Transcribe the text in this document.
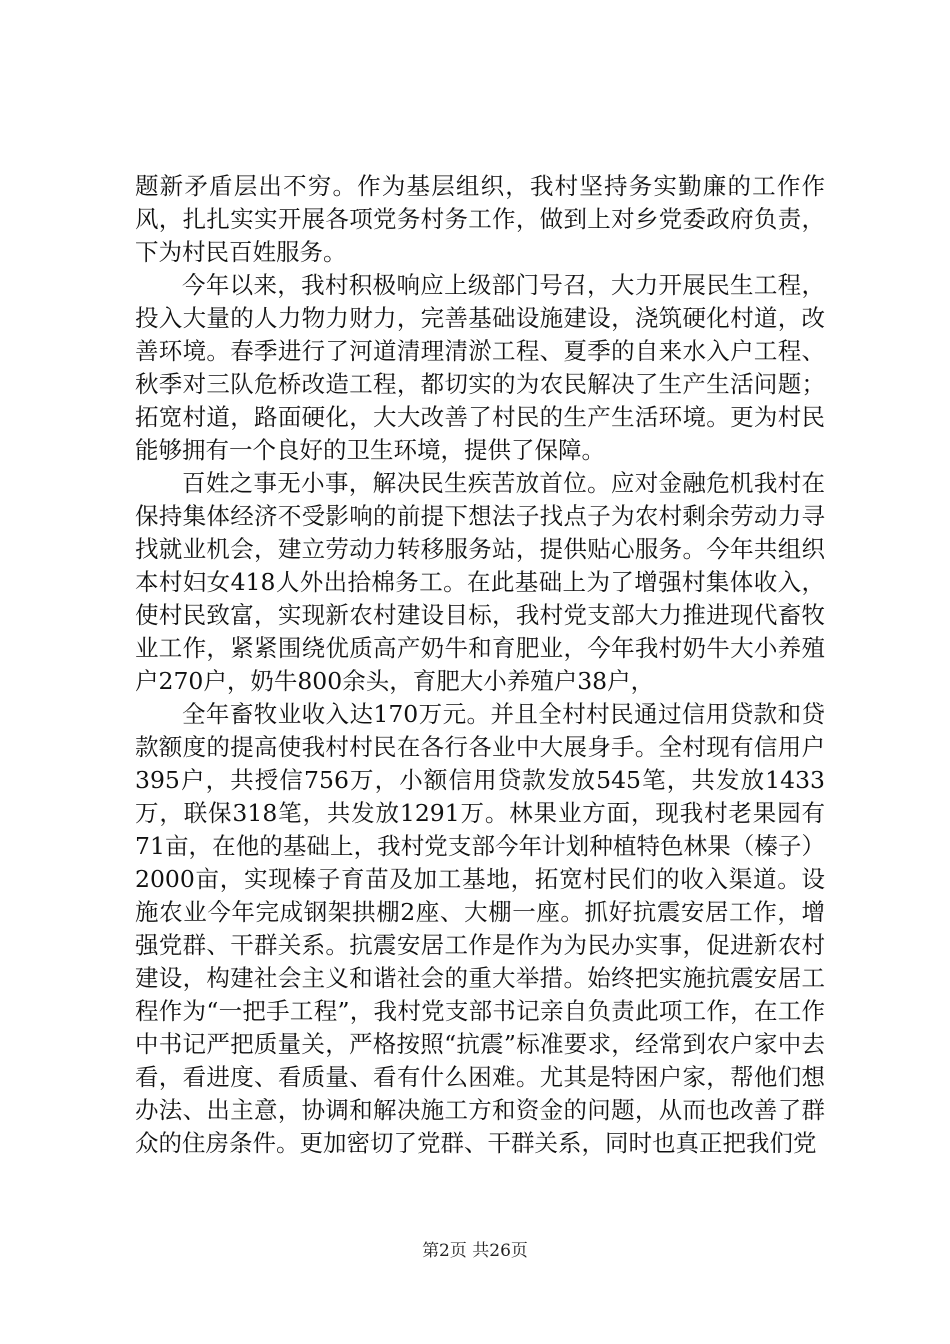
题新矛盾层出不穷。作为基层组织，我村坚持务实勤廉的工作作风，扎扎实实开展各项党务村务工作，做到上对乡党委政府负责，下为村民百姓服务。

今年以来，我村积极响应上级部门号召，大力开展民生工程，投入大量的人力物力财力，完善基础设施建设，浇筑硬化村道，改善环境。春季进行了河道清理清淤工程、夏季的自来水入户工程、秋季对三队危桥改造工程，都切实的为农民解决了生产生活问题；拓宽村道，路面硬化，大大改善了村民的生产生活环境。更为村民能够拥有一个良好的卫生环境，提供了保障。

百姓之事无小事，解决民生疾苦放首位。应对金融危机我村在保持集体经济不受影响的前提下想法子找点子为农村剩余劳动力寻找就业机会，建立劳动力转移服务站，提供贴心服务。今年共组织本村妇女418人外出拾棉务工。在此基础上为了增强村集体收入，使村民致富，实现新农村建设目标，我村党支部大力推进现代畜牧业工作，紧紧围绕优质高产奶牛和育肥业，今年我村奶牛大小养殖户270户，奶牛800余头，育肥大小养殖户38户，

全年畜牧业收入达170万元。并且全村村民通过信用贷款和贷款额度的提高使我村村民在各行各业中大展身手。全村现有信用户395户，共授信756万，小额信用贷款发放545笔，共发放1433万，联保318笔，共发放1291万。林果业方面，现我村老果园有71亩，在他的基础上，我村党支部今年计划种植特色林果（榛子）2000亩，实现榛子育苗及加工基地，拓宽村民们的收入渠道。设施农业今年完成钢架拱棚2座、大棚一座。抓好抗震安居工作，增强党群、干群关系。抗震安居工作是作为为民办实事，促进新农村建设，构建社会主义和谐社会的重大举措。始终把实施抗震安居工程作为“一把手工程”，我村党支部书记亲自负责此项工作，在工作中书记严把质量关，严格按照“抗震”标准要求，经常到农户家中去看，看进度、看质量、看有什么困难。尤其是特困户家，帮他们想办法、出主意，协调和解决施工方和资金的问题，从而也改善了群众的住房条件。更加密切了党群、干群关系，同时也真正把我们党

第2页 共26页
